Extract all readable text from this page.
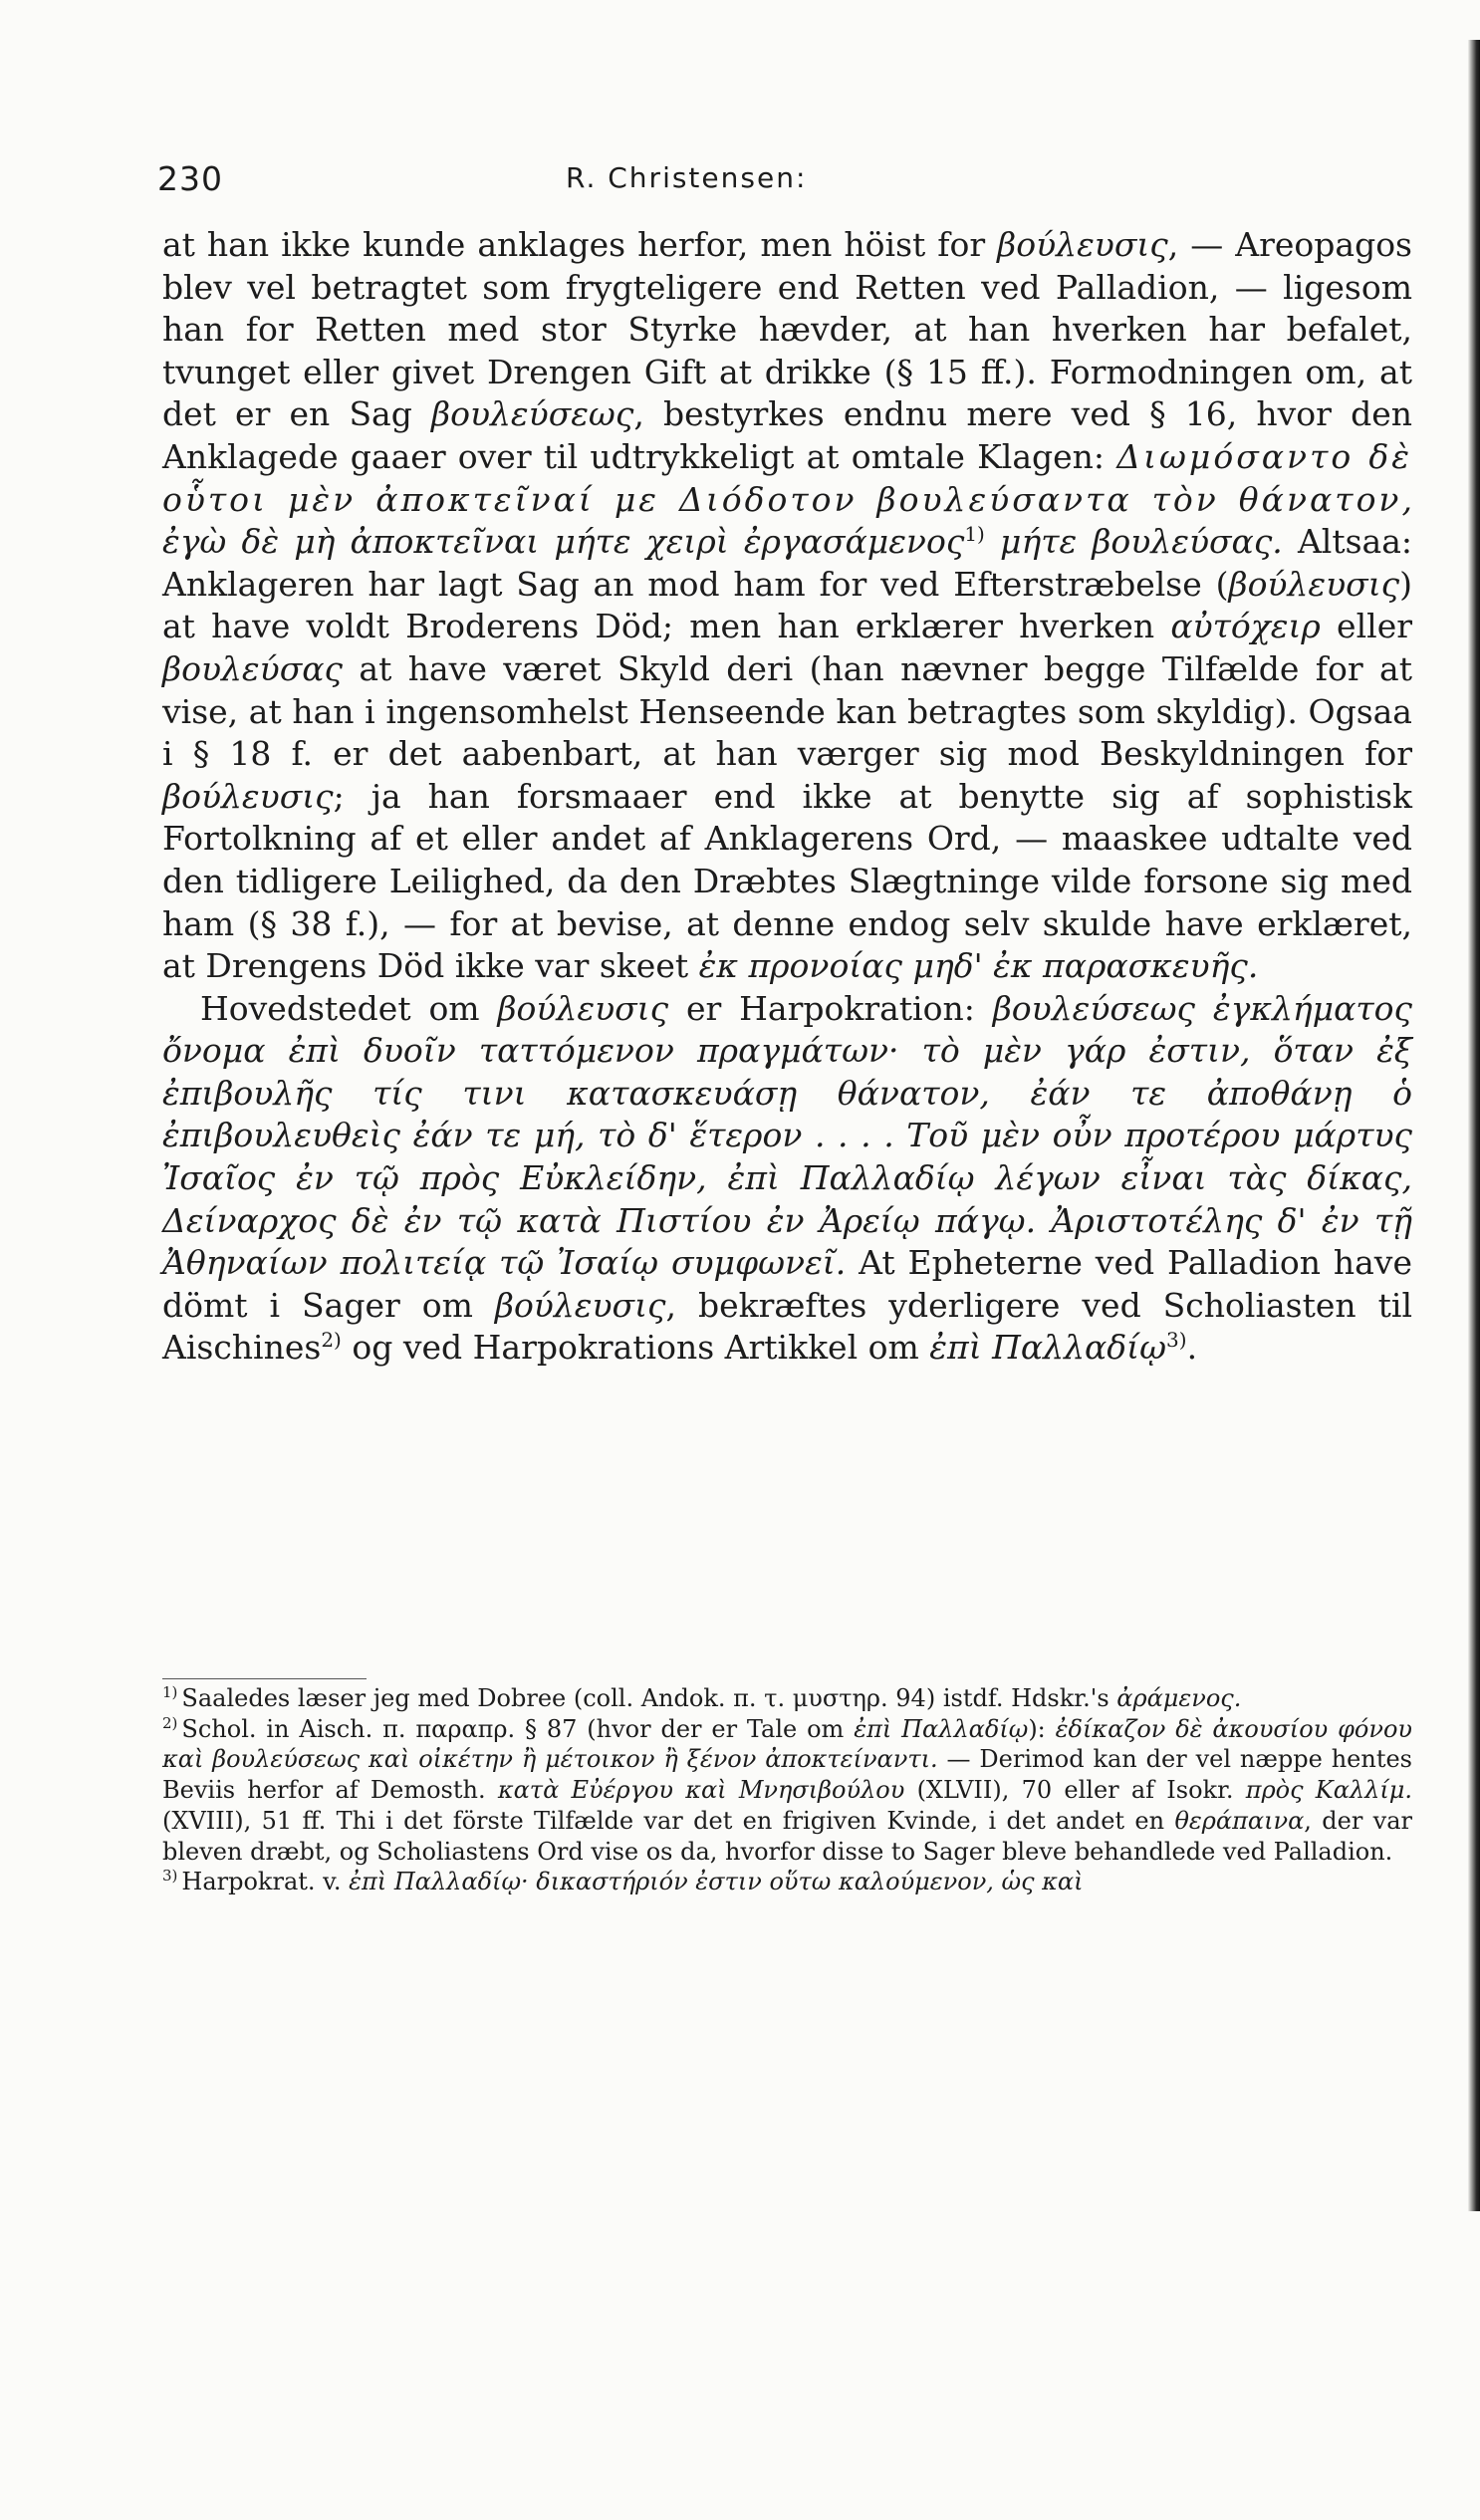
230	R. Christensen:

at han ikke kunde anklages herfor, men höist for βούλευσις, — Areopagos blev vel betragtet som frygteligere end Retten ved Palladion, — ligesom han for Retten med stor Styrke hævder, at han hverken har befalet, tvunget eller givet Drengen Gift at drikke (§ 15 ff.). Formodningen om, at det er en Sag βουλεύσεως, bestyrkes endnu mere ved § 16, hvor den Anklagede gaaer over til udtrykkeligt at omtale Klagen: Διωμόσαντο δὲ οὗτοι μὲν ἀποκτεῖναί με Διόδοτον βουλεύσαντα τὸν θάνατον, ἐγὼ δὲ μὴ ἀποκτεῖναι μήτε χειρὶ ἐργασάμενος$^{1)}$ μήτε βουλεύσας. Altsaa: Anklageren har lagt Sag an mod ham for ved Efterstræbelse (βούλευσις) at have voldt Broderens Död; men han erklærer hverken αὐτόχειρ eller βουλεύσας at have været Skyld deri (han nævner begge Tilfælde for at vise, at han i ingensomhelst Henseende kan betragtes som skyldig). Ogsaa i § 18 f. er det aabenbart, at han værger sig mod Beskyldningen for βούλευσις; ja han forsmaaer end ikke at benytte sig af sophistisk Fortolkning af et eller andet af Anklagerens Ord, — maaskee udtalte ved den tidligere Leilighed, da den Dræbtes Slægtninge vilde forsone sig med ham (§ 38 f.), — for at bevise, at denne endog selv skulde have erklæret, at Drengens Död ikke var skeet ἐκ προνοίας μηδ' ἐκ παρασκευῆς.

Hovedstedet om βούλευσις er Harpokration: βουλεύσεως ἐγκλήματος ὄνομα ἐπὶ δυοῖν ταττόμενον πραγμάτων· τὸ μὲν γάρ ἐστιν, ὅταν ἐξ ἐπιβουλῆς τίς τινι κατασκευάσῃ θάνατον, ἐάν τε ἀποθάνῃ ὁ ἐπιβουλευθεὶς ἐάν τε μή, τὸ δ' ἕτερον . . . . Τοῦ μὲν οὖν προτέρου μάρτυς Ἰσαῖος ἐν τῷ πρὸς Εὐκλείδην, ἐπὶ Παλλαδίῳ λέγων εἶναι τὰς δίκας, Δείναρχος δὲ ἐν τῷ κατὰ Πιστίου ἐν Ἀρείῳ πάγῳ. Ἀριστοτέλης δ' ἐν τῇ Ἀθηναίων πολιτείᾳ τῷ Ἰσαίῳ συμφωνεῖ. At Epheterne ved Palladion have dömt i Sager om βούλευσις, bekræftes yderligere ved Scholiasten til Aischines$^{2)}$ og ved Harpokrations Artikkel om ἐπὶ Παλλαδίῳ$^{3)}$.

$^{1)}$ Saaledes læser jeg med Dobree (coll. Andok. π. τ. μυστηρ. 94) istdf. Hdskr.'s ἀράμενος.

$^{2)}$ Schol. in Aisch. π. παραπρ. § 87 (hvor der er Tale om ἐπὶ Παλλαδίῳ): ἐδίκαζον δὲ ἀκουσίου φόνου καὶ βουλεύσεως καὶ οἰκέτην ἢ μέτοικον ἢ ξένον ἀποκτείναντι. — Derimod kan der vel næppe hentes Beviis herfor af Demosth. κατὰ Εὐέργου καὶ Μνησιβούλου (XLVII), 70 eller af Isokr. πρὸς Καλλίμ. (XVIII), 51 ff. Thi i det förste Tilfælde var det en frigiven Kvinde, i det andet en θεράπαινα, der var bleven dræbt, og Scholiastens Ord vise os da, hvorfor disse to Sager bleve behandlede ved Palladion.

$^{3)}$ Harpokrat. v. ἐπὶ Παλλαδίῳ· δικαστήριόν ἐστιν οὕτω καλούμενον, ὡς καὶ
